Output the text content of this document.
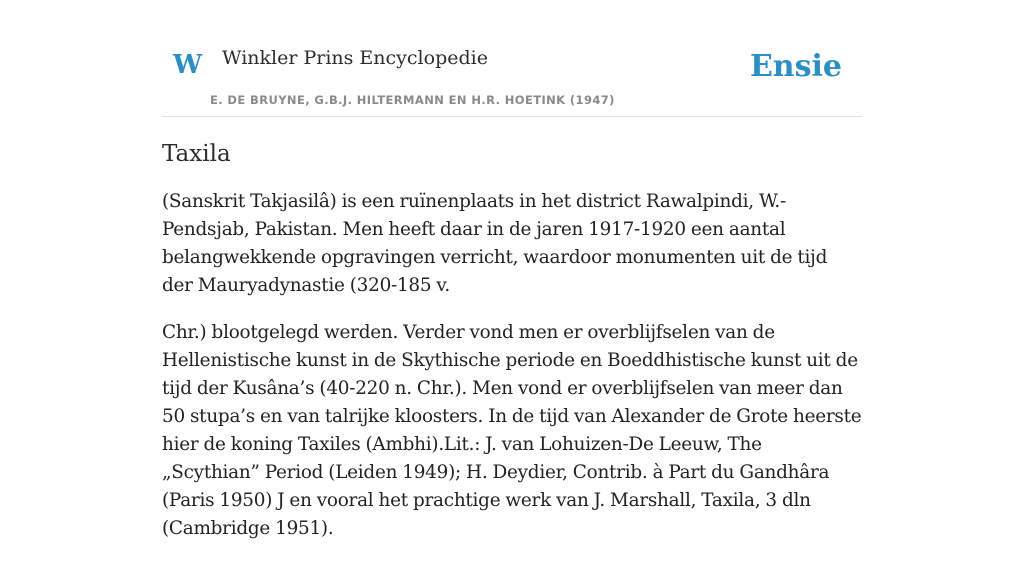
W Winkler Prins Encyclopedie
E. DE BRUYNE, G.B.J. HILTERMANN EN H.R. HOETINK (1947)
Ensie
Taxila

(Sanskrit Takjasilâ) is een ruïnenplaats in het district Rawalpindi, W.-Pendsjab, Pakistan. Men heeft daar in de jaren 1917-1920 een aantal belangwekkende opgravingen verricht, waardoor monumenten uit de tijd der Mauryadynastie (320-185 v.

Chr.) blootgelegd werden. Verder vond men er overblijfselen van de Hellenistische kunst in de Skythische periode en Boeddhistische kunst uit de tijd der Kusâna’s (40-220 n. Chr.). Men vond er overblijfselen van meer dan 50 stupa’s en van talrijke kloosters. In de tijd van Alexander de Grote heerste hier de koning Taxiles (Ambhi).Lit.: J. van Lohuizen-De Leeuw, The „Scythian” Period (Leiden 1949); H. Deydier, Contrib. à Part du Gandhâra (Paris 1950) J en vooral het prachtige werk van J. Marshall, Taxila, 3 dln (Cambridge 1951).
